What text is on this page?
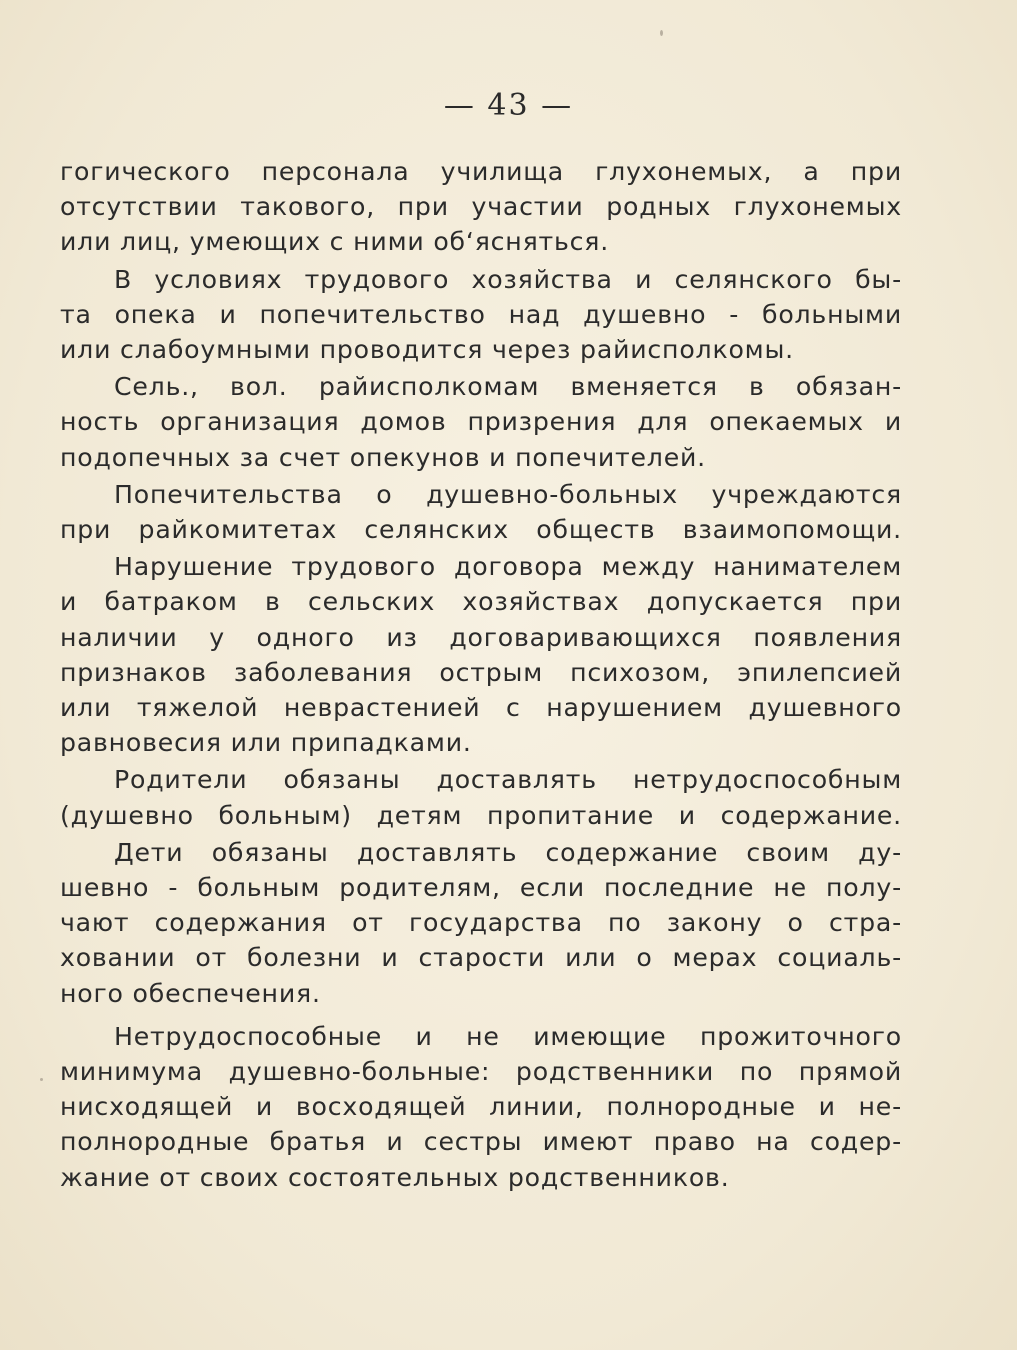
— 43 —
гогического персонала училища глухонемых, а при
отсутствии такового, при участии родных глухонемых
или лиц, умеющих с ними об‘ясняться.
В условиях трудового хозяйства и селянского бы-
та опека и попечительство над душевно - больными
или слабоумными проводится через райисполкомы.
Сель., вол. райисполкомам вменяется в обязан-
ность организация домов призрения для опекаемых и
подопечных за счет опекунов и попечителей.
Попечительства о душевно-больных учреждаются
при райкомитетах селянских обществ взаимопомощи.
Нарушение трудового договора между нанимателем
и батраком в сельских хозяйствах допускается при
наличии у одного из договаривающихся появления
признаков заболевания острым психозом, эпилепсией
или тяжелой неврастенией с нарушением душевного
равновесия или припадками.
Родители обязаны доставлять нетрудоспособным
(душевно больным) детям пропитание и содержание.
Дети обязаны доставлять содержание своим ду-
шевно - больным родителям, если последние не полу-
чают содержания от государства по закону о стра-
ховании от болезни и старости или о мерах социаль-
ного обеспечения.
Нетрудоспособные и не имеющие прожиточного
минимума душевно-больные: родственники по прямой
нисходящей и восходящей линии, полнородные и не-
полнородные братья и сестры имеют право на содер-
жание от своих состоятельных родственников.
